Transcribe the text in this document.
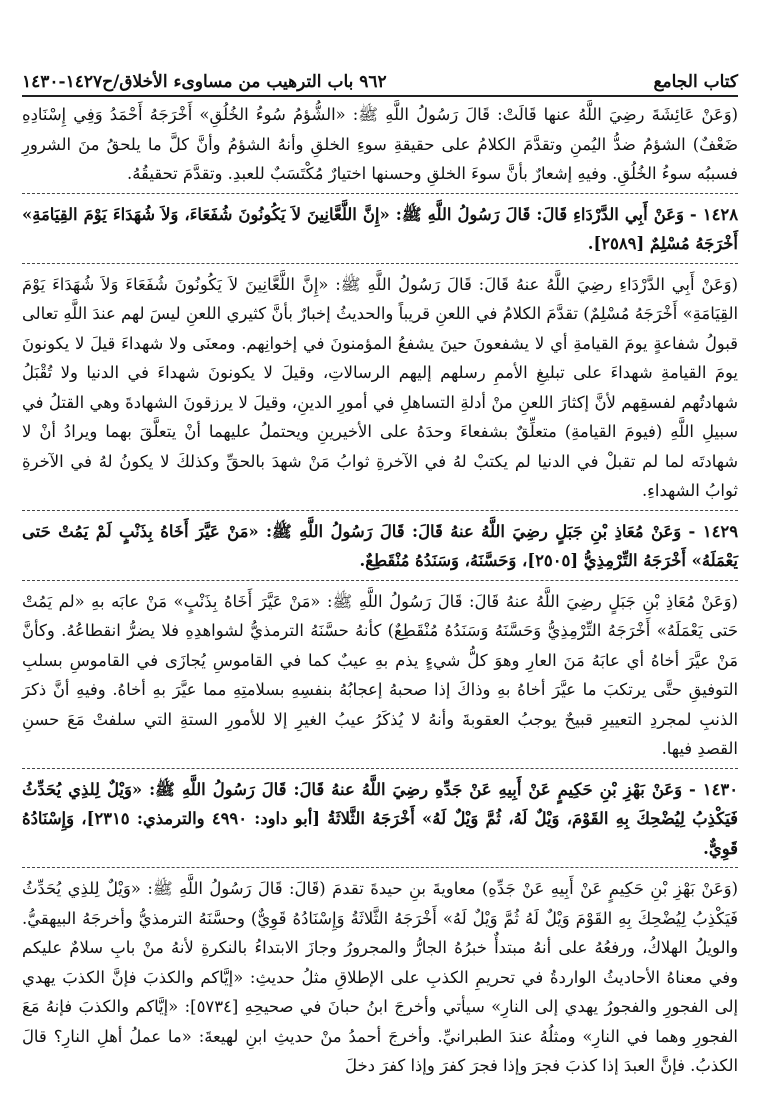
كتاب الجامع
٩٦٢ باب الترهيب من مساوىء الأخلاق/ح١٤٢٧-١٤٣٠

(وَعَنْ عَائِشَةَ رضِيَ اللَّهُ عنها قَالَتْ: قَالَ رَسُولُ اللَّهِ ﷺ: «الشُّؤمُ سُوءُ الخُلُقِ» أَخْرَجَهُ أَحْمَدُ وَفِي إِسْنَادِهِ ضَعْفٌ) الشؤمُ ضدُّ اليُمنِ وتقدَّمَ الكلامُ على حقيقةِ سوءِ الخلقِ وأنهُ الشؤمُ وأنَّ كلَّ ما يلحقُ منَ الشرورِ فسببُه سوءُ الخُلُقِ. وفيهِ إشعارٌ بأنَّ سوءَ الخلقِ وحسنها اختيارٌ مُكْتَسَبٌ للعبدِ. وتقدَّمَ تحقيقُهُ.

١٤٢٨ - وَعَنْ أَبِي الدَّرْدَاءِ قَالَ: قَالَ رَسُولُ اللَّهِ ﷺ: «إِنَّ اللَّعَّانِينَ لاَ يَكُونُونَ شُفَعَاءَ، وَلاَ شُهَدَاءَ يَوْمَ القِيَامَةِ» أَخْرَجَهُ مُسْلِمٌ [٢٥٨٩].

(وَعَنْ أَبِي الدَّرْدَاءِ رضِيَ اللَّهُ عنهُ قَالَ: قَالَ رَسُولُ اللَّهِ ﷺ: «إِنَّ اللَّعَّانِينَ لاَ يَكُونُونَ شُفَعَاءَ وَلاَ شُهَدَاءَ يَوْمَ القِيَامَةِ» أَخْرَجَهُ مُسْلِمٌ) تقدَّمَ الكلامُ في اللعنِ قريباً والحديثُ إخبارٌ بأنَّ كثيري اللعنِ ليسَ لهم عندَ اللَّهِ تعالى قبولُ شفاعةٍ يومَ القيامةِ أي لا يشفعونَ حينَ يشفعُ المؤمنونَ في إخوانِهم. ومعنَى ولا شهداءَ قيلَ لا يكونونَ يومَ القيامةِ شهداءَ على تبليغِ الأممِ رسلهم إليهم الرسالاتِ، وقيلَ لا يكونونَ شهداءَ في الدنيا ولا تُقْبَلُ شهادتُهم لفسقِهم لأنَّ إكثارَ اللعنِ منْ أدلةِ التساهلِ في أمورِ الدينِ، وقيلَ لا يرزقونَ الشهادةَ وهي القتلُ في سبيلِ اللَّهِ (فيومَ القيامةِ) متعلِّقٌ بشفعاءَ وحدَهُ على الأخيرينِ ويحتملُ عليهما أنْ يتعلَّقَ بهما ويرادُ أنْ لا شهادتَه لما لم تقبلْ في الدنيا لم يكتبْ لهُ في الآخرةِ ثوابُ مَنْ شهدَ بالحقِّ وكذلكَ لا يكونُ لهُ في الآخرةِ ثوابُ الشهداءِ.

١٤٢٩ - وَعَنْ مُعَاذِ بْنِ جَبَلٍ رضِيَ اللَّهُ عنهُ قَالَ: قَالَ رَسُولُ اللَّهِ ﷺ: «مَنْ عَيَّرَ أَخَاهُ بِذَنْبٍ لَمْ يَمُتْ حَتى يَعْمَلَهُ» أَخْرَجَهُ التِّرْمِذِيُّ [٢٥٠٥]، وَحَسَّنَهُ، وَسَنَدُهُ مُنْقَطِعٌ.

(وَعَنْ مُعَاذِ بْنِ جَبَلٍ رضِيَ اللَّهُ عنهُ قَالَ: قَالَ رَسُولُ اللَّهِ ﷺ: «مَنْ عَيَّرَ أَخَاهُ بِذَنْبٍ» مَنْ عابَه بهِ «لم يَمُتْ حَتى يَعْمَلَهُ» أَخْرَجَهُ التِّرْمِذِيُّ وَحَسَّنَهُ وَسَنَدُهُ مُنْقَطِعٌ) كأنهُ حسَّنَهُ الترمذيُّ لشواهدِهِ فلا يضرُّ انقطاعُهُ. وكأنَّ مَنْ عيَّرَ أخاهُ أي عابَهُ مَنَ العارِ وهوَ كلُّ شيءٍ يذم بهِ عيبٌ كما في القاموسِ يُجازَى في القاموسِ بسلبِ التوفيقِ حتَّى يرتكبَ ما عيَّرَ أخاهُ بهِ وذاكَ إذا صحبهُ إعجابُهُ بنفسِهِ بسلامتِهِ مما عيَّرَ بهِ أخاهُ. وفيهِ أنَّ ذكرَ الذنبِ لمجردِ التعييرِ قبيحٌ يوجبُ العقوبةَ وأنهُ لا يُذكَرُ عيبُ الغيرِ إلا للأمورِ الستةِ التي سلفتْ مَعَ حسنِ القصدِ فيها.

١٤٣٠ - وَعَنْ بَهْزِ بْنِ حَكِيمٍ عَنْ أَبِيهِ عَنْ جَدِّهِ رضِيَ اللَّهُ عنهُ قَالَ: قَالَ رَسُولُ اللَّهِ ﷺ: «وَيْلٌ لِلذِي يُحَدِّثُ فَيَكْذِبُ لِيُضْحِكَ بِهِ القَوْمَ، وَيْلٌ لَهُ، ثُمَّ وَيْلٌ لَهُ» أَخْرَجَهُ الثَّلاثَةُ [أبو داود: ٤٩٩٠ والترمذي: ٢٣١٥]، وَإِسْنَادُهُ قَوِيٌّ.

(وَعَنْ بَهْزِ بْنِ حَكِيمٍ عَنْ أَبِيهِ عَنْ جَدِّهِ) معاويةَ بنِ حيدةَ تقدمَ (قَالَ: قَالَ رَسُولُ اللَّهِ ﷺ: «وَيْلٌ لِلذِي يُحَدِّثُ فَيَكْذِبُ لِيُضْحِكَ بِهِ القَوْمَ وَيْلٌ لَهُ ثُمَّ وَيْلٌ لَهُ» أَخْرَجَهُ الثَّلاثَةُ وَإِسْنَادُهُ قَوِيٌّ) وحسَّنَهُ الترمذيُّ وأخرجَهُ البيهقيُّ. والويلُ الهلاكُ، ورفعُهُ على أنهُ مبتدأٌ خبرُهُ الجارُّ والمجرورُ وجازَ الابتداءُ بالنكرةِ لأنهُ منْ بابِ سلامٌ عليكم وفي معناهُ الأحاديثُ الواردةُ في تحريمِ الكذبِ على الإطلاقِ مثلُ حديثِ: «إيَّاكم والكذبَ فإنَّ الكذبَ يهدي إلى الفجورِ والفجورُ يهدي إلى النارِ» سيأتي وأخرجَ ابنُ حبانَ في صحيحِهِ [٥٧٣٤]: «إيَّاكم والكذبَ فإنهُ مَعَ الفجورِ وهما في النارِ» ومثلُهُ عندَ الطبرانيِّ. وأخرجَ أحمدُ منْ حديثِ ابنِ لهيعةَ: «ما عملُ أهلِ النارِ؟ قالَ الكذبُ. فإنَّ العبدَ إذا كذبَ فجرَ وإذا فجرَ كفرَ وإذا كفرَ دخلَ
